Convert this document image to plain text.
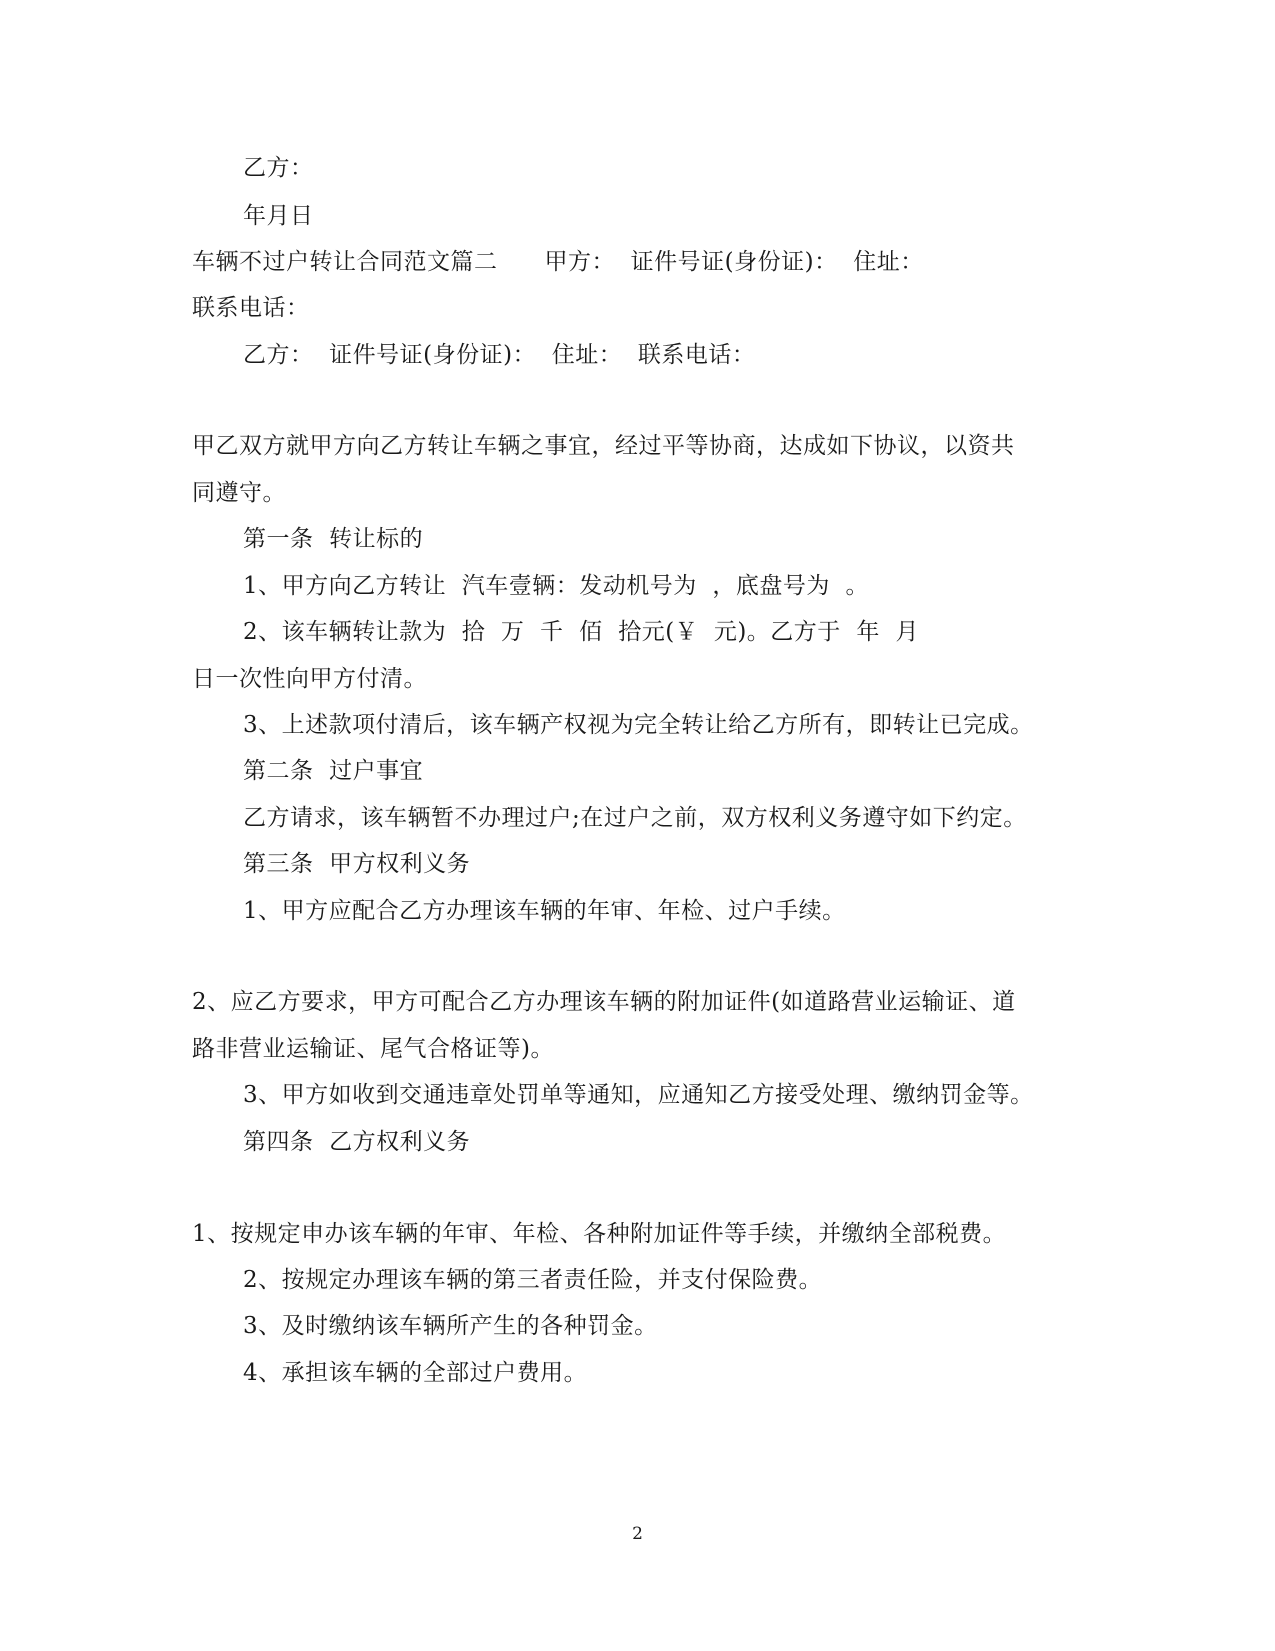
乙方：
年月日
车辆不过户转让合同范文篇二　　甲方：  证件号证(身份证)：  住址：
联系电话：
乙方：  证件号证(身份证)：  住址：  联系电话：
甲乙双方就甲方向乙方转让车辆之事宜，经过平等协商，达成如下协议，以资共
同遵守。
第一条  转让标的
1、甲方向乙方转让  汽车壹辆：发动机号为  ，底盘号为  。
2、该车辆转让款为  拾  万  千  佰  拾元(￥  元)。乙方于  年  月
日一次性向甲方付清。
3、上述款项付清后，该车辆产权视为完全转让给乙方所有，即转让已完成。
第二条  过户事宜
乙方请求，该车辆暂不办理过户;在过户之前，双方权利义务遵守如下约定。
第三条  甲方权利义务
1、甲方应配合乙方办理该车辆的年审、年检、过户手续。
2、应乙方要求，甲方可配合乙方办理该车辆的附加证件(如道路营业运输证、道
路非营业运输证、尾气合格证等)。
3、甲方如收到交通违章处罚单等通知，应通知乙方接受处理、缴纳罚金等。
第四条  乙方权利义务
1、按规定申办该车辆的年审、年检、各种附加证件等手续，并缴纳全部税费。
2、按规定办理该车辆的第三者责任险，并支付保险费。
3、及时缴纳该车辆所产生的各种罚金。
4、承担该车辆的全部过户费用。
2
